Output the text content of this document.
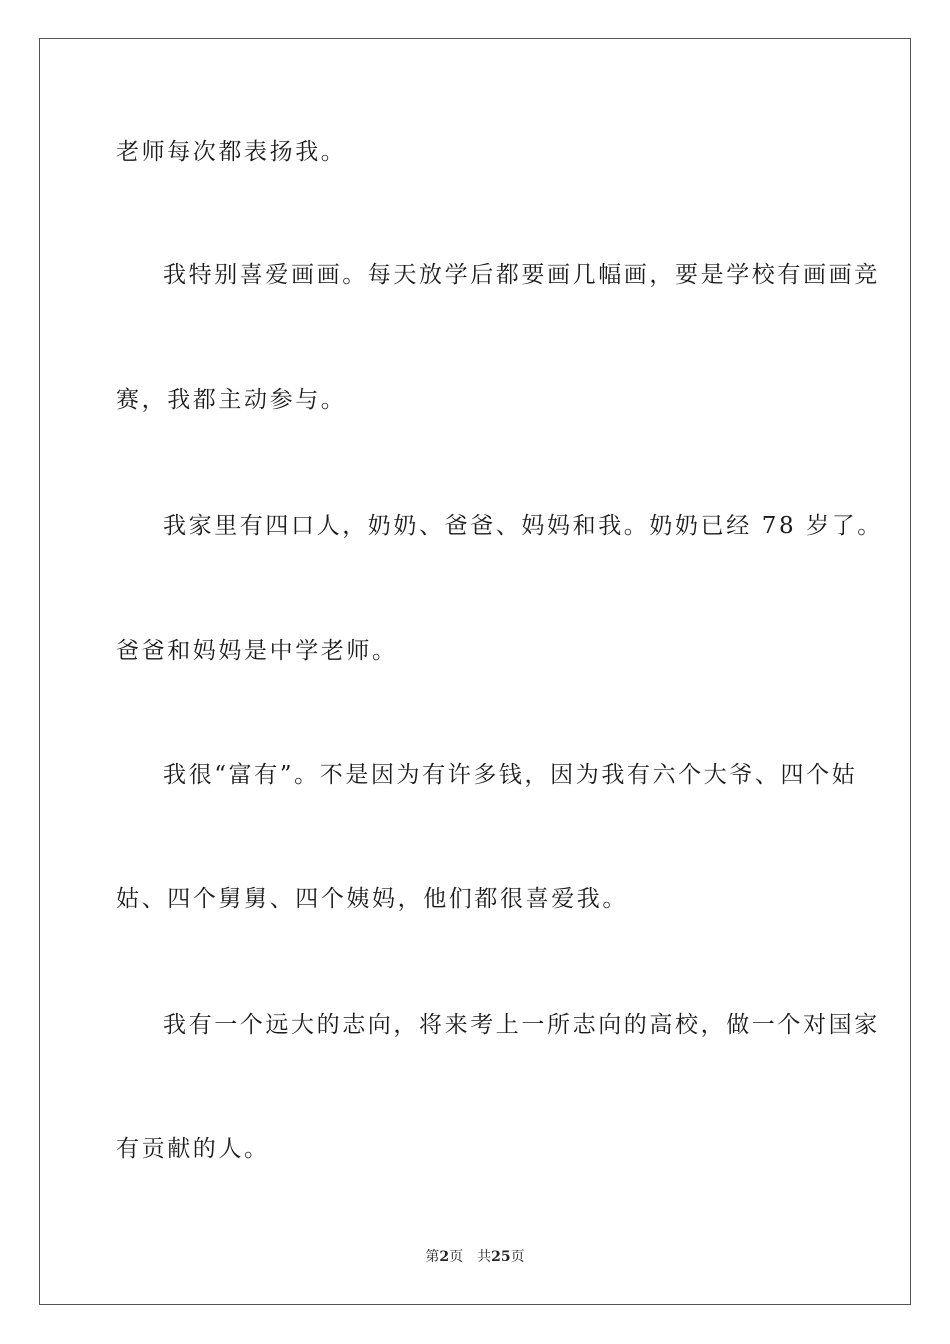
老师每次都表扬我。
我特别喜爱画画。每天放学后都要画几幅画，要是学校有画画竞
赛，我都主动参与。
我家里有四口人，奶奶、爸爸、妈妈和我。奶奶已经 78 岁了。
爸爸和妈妈是中学老师。
我很“富有”。不是因为有许多钱，因为我有六个大爷、四个姑
姑、四个舅舅、四个姨妈，他们都很喜爱我。
我有一个远大的志向，将来考上一所志向的高校，做一个对国家
有贡献的人。
第2页 共25页
